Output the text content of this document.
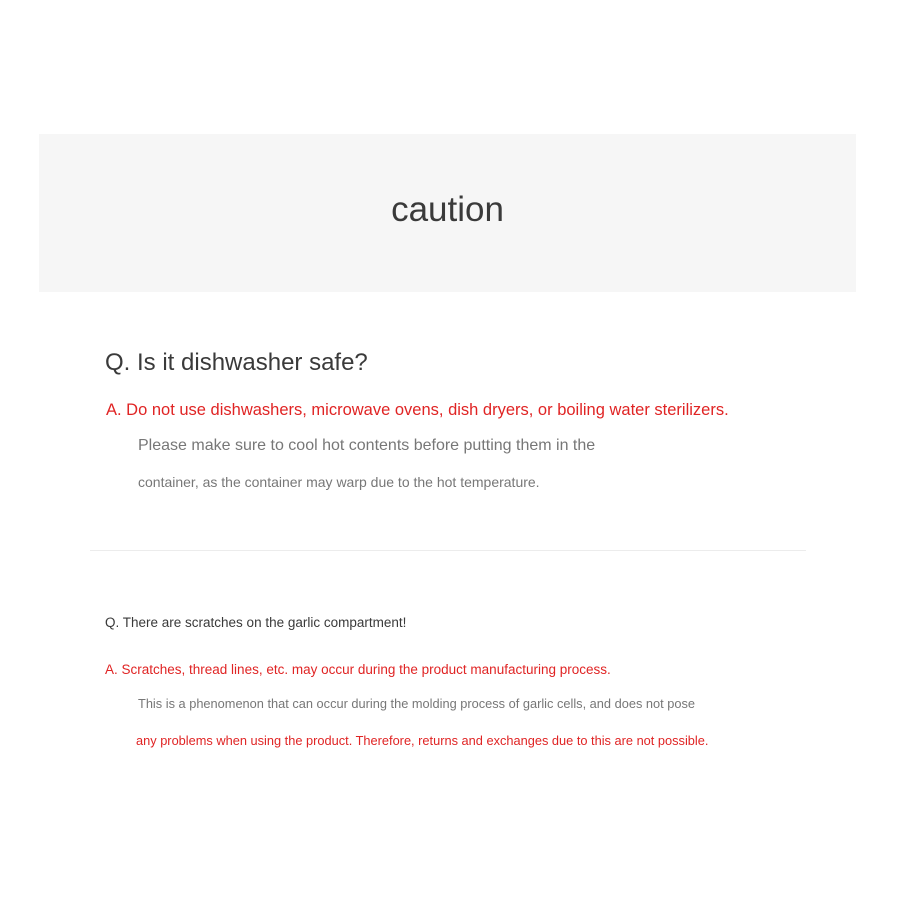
caution

Q. Is it dishwasher safe?

A. Do not use dishwashers, microwave ovens, dish dryers, or boiling water sterilizers.

Please make sure to cool hot contents before putting them in the

container, as the container may warp due to the hot temperature.

Q. There are scratches on the garlic compartment!

A. Scratches, thread lines, etc. may occur during the product manufacturing process.

This is a phenomenon that can occur during the molding process of garlic cells, and does not pose

any problems when using the product. Therefore, returns and exchanges due to this are not possible.
